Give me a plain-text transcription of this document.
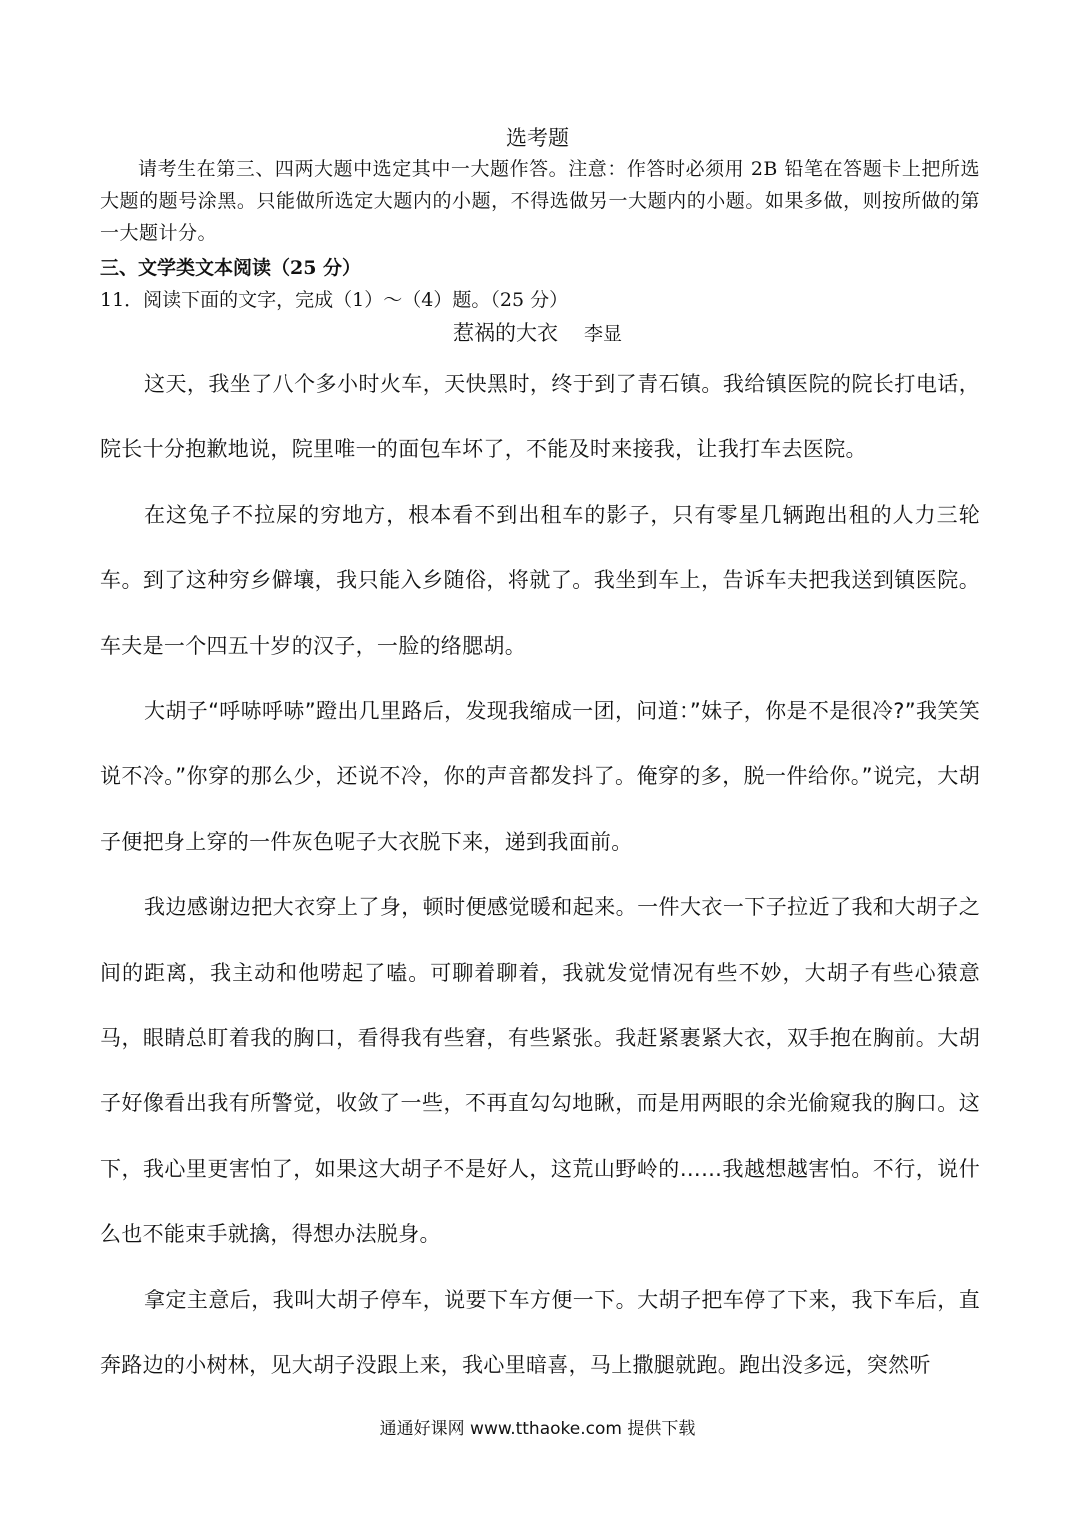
选考题
请考生在第三、四两大题中选定其中一大题作答。注意：作答时必须用 2B 铅笔在答题卡上把所选大题的题号涂黑。只能做所选定大题内的小题，不得选做另一大题内的小题。如果多做，则按所做的第一大题计分。
三、文学类文本阅读（25 分）
11．阅读下面的文字，完成（1）～（4）题。（25 分）
惹祸的大衣 李显

这天，我坐了八个多小时火车，天快黑时，终于到了青石镇。我给镇医院的院长打电话，院长十分抱歉地说，院里唯一的面包车坏了，不能及时来接我，让我打车去医院。

在这兔子不拉屎的穷地方，根本看不到出租车的影子，只有零星几辆跑出租的人力三轮车。到了这种穷乡僻壤，我只能入乡随俗，将就了。我坐到车上，告诉车夫把我送到镇医院。车夫是一个四五十岁的汉子，一脸的络腮胡。

大胡子“呼哧呼哧”蹬出几里路后，发现我缩成一团，问道：”妹子，你是不是很冷?”我笑笑说不冷。”你穿的那么少，还说不冷，你的声音都发抖了。俺穿的多，脱一件给你。”说完，大胡子便把身上穿的一件灰色呢子大衣脱下来，递到我面前。

我边感谢边把大衣穿上了身，顿时便感觉暖和起来。一件大衣一下子拉近了我和大胡子之间的距离，我主动和他唠起了嗑。可聊着聊着，我就发觉情况有些不妙，大胡子有些心猿意马，眼睛总盯着我的胸口，看得我有些窘，有些紧张。我赶紧裹紧大衣，双手抱在胸前。大胡子好像看出我有所警觉，收敛了一些，不再直勾勾地瞅，而是用两眼的余光偷窥我的胸口。这下，我心里更害怕了，如果这大胡子不是好人，这荒山野岭的……我越想越害怕。不行，说什么也不能束手就擒，得想办法脱身。

拿定主意后，我叫大胡子停车，说要下车方便一下。大胡子把车停了下来，我下车后，直奔路边的小树林，见大胡子没跟上来，我心里暗喜，马上撒腿就跑。跑出没多远，突然听

通通好课网 www.tthaoke.com 提供下载
